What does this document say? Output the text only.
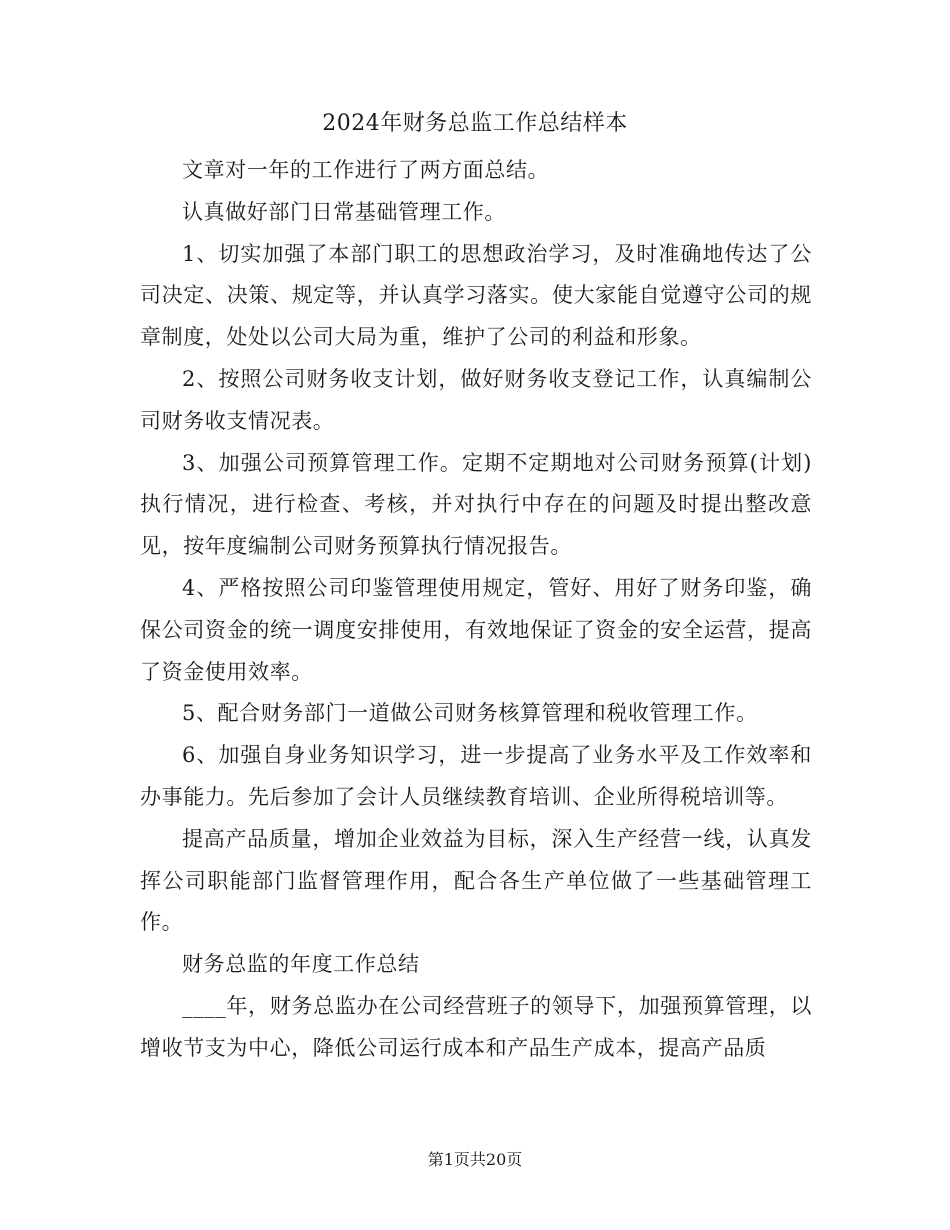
2024年财务总监工作总结样本

文章对一年的工作进行了两方面总结。

认真做好部门日常基础管理工作。

1、切实加强了本部门职工的思想政治学习，及时准确地传达了公司决定、决策、规定等，并认真学习落实。使大家能自觉遵守公司的规章制度，处处以公司大局为重，维护了公司的利益和形象。

2、按照公司财务收支计划，做好财务收支登记工作，认真编制公司财务收支情况表。

3、加强公司预算管理工作。定期不定期地对公司财务预算(计划)执行情况，进行检查、考核，并对执行中存在的问题及时提出整改意见，按年度编制公司财务预算执行情况报告。

4、严格按照公司印鉴管理使用规定，管好、用好了财务印鉴，确保公司资金的统一调度安排使用，有效地保证了资金的安全运营，提高了资金使用效率。

5、配合财务部门一道做公司财务核算管理和税收管理工作。

6、加强自身业务知识学习，进一步提高了业务水平及工作效率和办事能力。先后参加了会计人员继续教育培训、企业所得税培训等。

提高产品质量，增加企业效益为目标，深入生产经营一线，认真发挥公司职能部门监督管理作用，配合各生产单位做了一些基础管理工作。

财务总监的年度工作总结

____年，财务总监办在公司经营班子的领导下，加强预算管理，以增收节支为中心，降低公司运行成本和产品生产成本，提高产品质

第1页共20页
